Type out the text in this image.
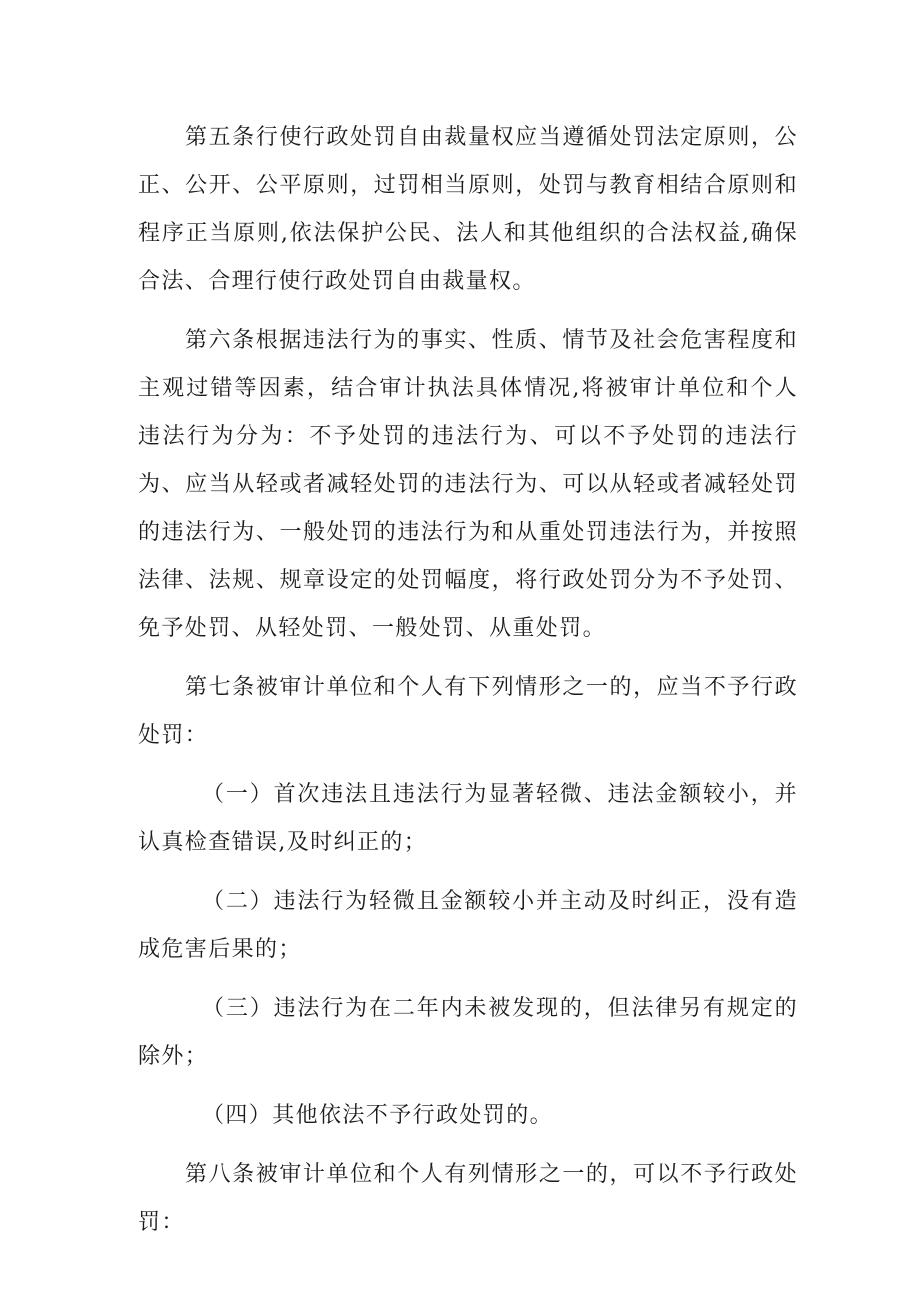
第五条行使行政处罚自由裁量权应当遵循处罚法定原则，公正、公开、公平原则，过罚相当原则，处罚与教育相结合原则和程序正当原则,依法保护公民、法人和其他组织的合法权益,确保合法、合理行使行政处罚自由裁量权。

第六条根据违法行为的事实、性质、情节及社会危害程度和主观过错等因素，结合审计执法具体情况,将被审计单位和个人违法行为分为：不予处罚的违法行为、可以不予处罚的违法行为、应当从轻或者减轻处罚的违法行为、可以从轻或者减轻处罚的违法行为、一般处罚的违法行为和从重处罚违法行为，并按照法律、法规、规章设定的处罚幅度，将行政处罚分为不予处罚、免予处罚、从轻处罚、一般处罚、从重处罚。

第七条被审计单位和个人有下列情形之一的，应当不予行政处罚：

（一）首次违法且违法行为显著轻微、违法金额较小，并认真检查错误,及时纠正的；

（二）违法行为轻微且金额较小并主动及时纠正，没有造成危害后果的；

（三）违法行为在二年内未被发现的，但法律另有规定的除外；

（四）其他依法不予行政处罚的。

第八条被审计单位和个人有列情形之一的，可以不予行政处罚：
